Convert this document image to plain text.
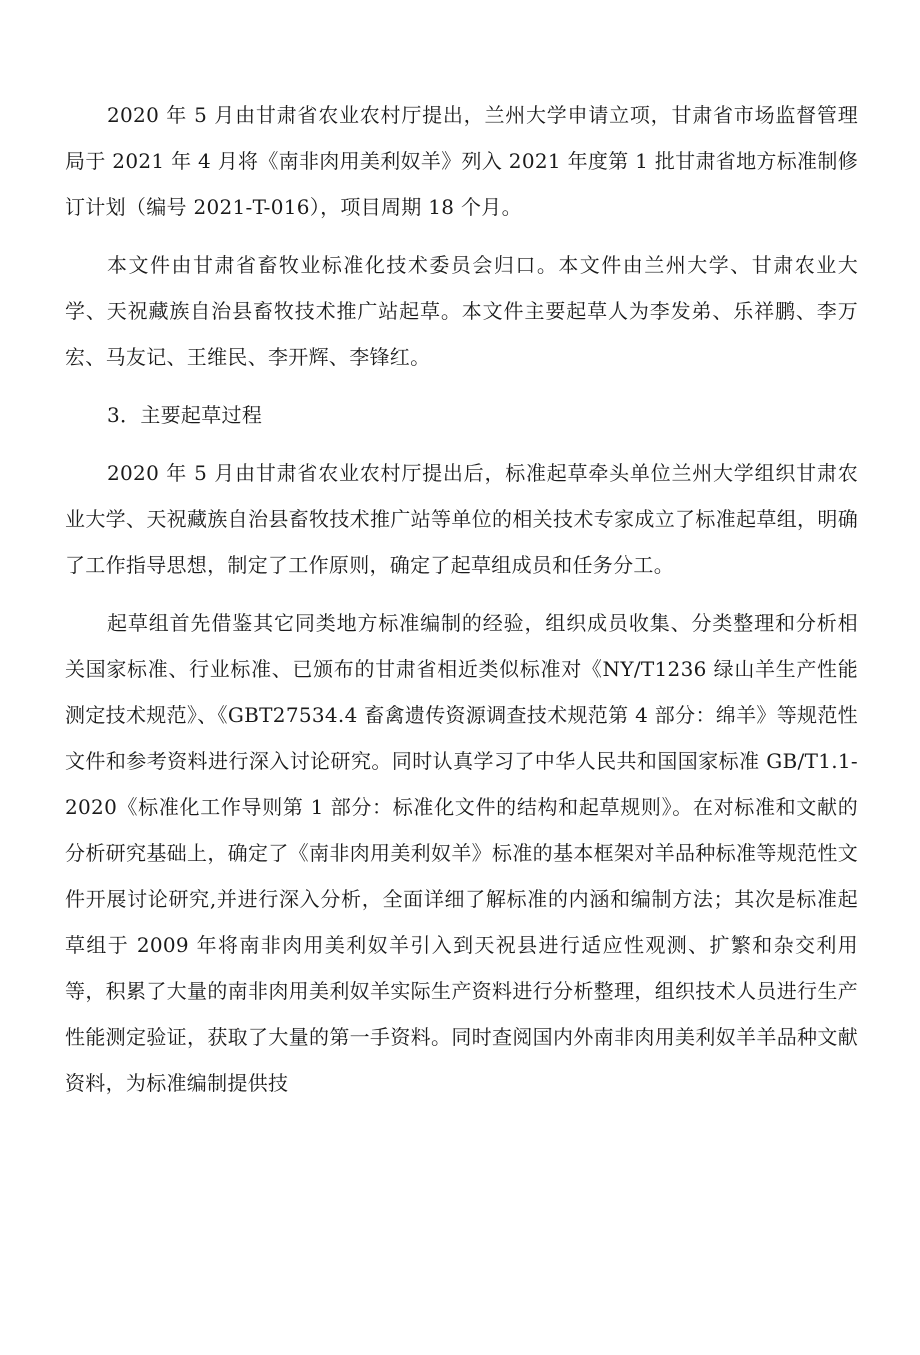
2020 年 5 月由甘肃省农业农村厅提出，兰州大学申请立项，甘肃省市场监督管理局于 2021 年 4 月将《南非肉用美利奴羊》列入 2021 年度第 1 批甘肃省地方标准制修订计划（编号 2021-T-016），项目周期 18 个月。

本文件由甘肃省畜牧业标准化技术委员会归口。本文件由兰州大学、甘肃农业大学、天祝藏族自治县畜牧技术推广站起草。本文件主要起草人为李发弟、乐祥鹏、李万宏、马友记、王维民、李开辉、李锋红。

3．主要起草过程

2020 年 5 月由甘肃省农业农村厅提出后，标准起草牵头单位兰州大学组织甘肃农业大学、天祝藏族自治县畜牧技术推广站等单位的相关技术专家成立了标准起草组，明确了工作指导思想，制定了工作原则，确定了起草组成员和任务分工。

起草组首先借鉴其它同类地方标准编制的经验，组织成员收集、分类整理和分析相关国家标准、行业标准、已颁布的甘肃省相近类似标准对《NY/T1236 绿山羊生产性能测定技术规范》、《GBT27534.4 畜禽遗传资源调查技术规范第 4 部分：绵羊》等规范性文件和参考资料进行深入讨论研究。同时认真学习了中华人民共和国国家标准 GB/T1.1-2020《标准化工作导则第 1 部分：标准化文件的结构和起草规则》。在对标准和文献的分析研究基础上，确定了《南非肉用美利奴羊》标准的基本框架对羊品种标准等规范性文件开展讨论研究,并进行深入分析，全面详细了解标准的内涵和编制方法；其次是标准起草组于 2009 年将南非肉用美利奴羊引入到天祝县进行适应性观测、扩繁和杂交利用等，积累了大量的南非肉用美利奴羊实际生产资料进行分析整理，组织技术人员进行生产性能测定验证，获取了大量的第一手资料。同时查阅国内外南非肉用美利奴羊羊品种文献资料，为标准编制提供技
